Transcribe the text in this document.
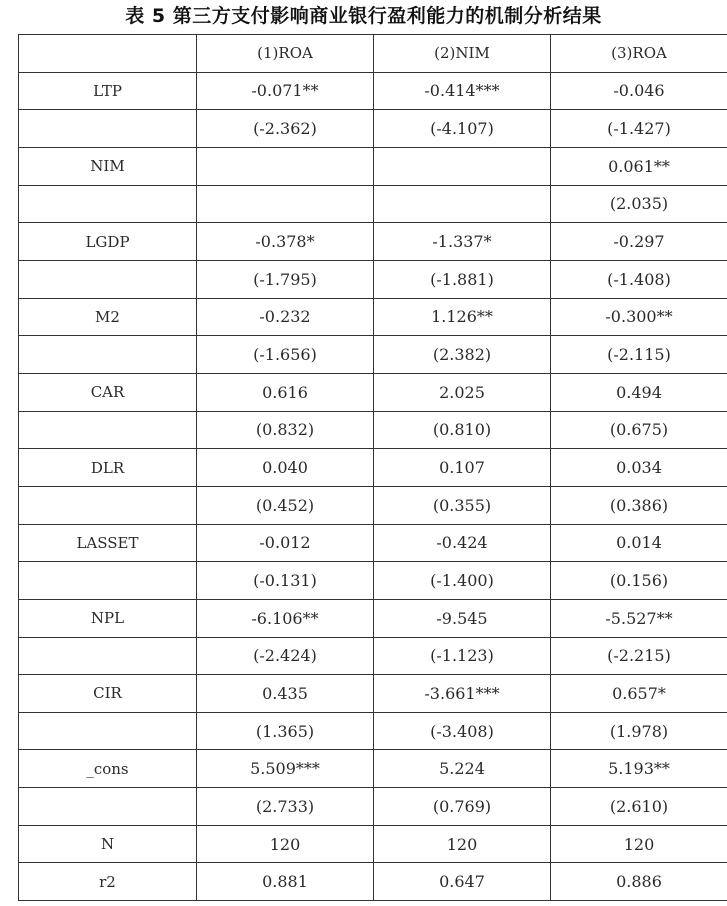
表 5 第三方支付影响商业银行盈利能力的机制分析结果
	(1)ROA	(2)NIM	(3)ROA
LTP	-0.071**	-0.414***	-0.046
	(-2.362)	(-4.107)	(-1.427)
NIM			0.061**
			(2.035)
LGDP	-0.378*	-1.337*	-0.297
	(-1.795)	(-1.881)	(-1.408)
M2	-0.232	1.126**	-0.300**
	(-1.656)	(2.382)	(-2.115)
CAR	0.616	2.025	0.494
	(0.832)	(0.810)	(0.675)
DLR	0.040	0.107	0.034
	(0.452)	(0.355)	(0.386)
LASSET	-0.012	-0.424	0.014
	(-0.131)	(-1.400)	(0.156)
NPL	-6.106**	-9.545	-5.527**
	(-2.424)	(-1.123)	(-2.215)
CIR	0.435	-3.661***	0.657*
	(1.365)	(-3.408)	(1.978)
_cons	5.509***	5.224	5.193**
	(2.733)	(0.769)	(2.610)
N	120	120	120
r2	0.881	0.647	0.886
